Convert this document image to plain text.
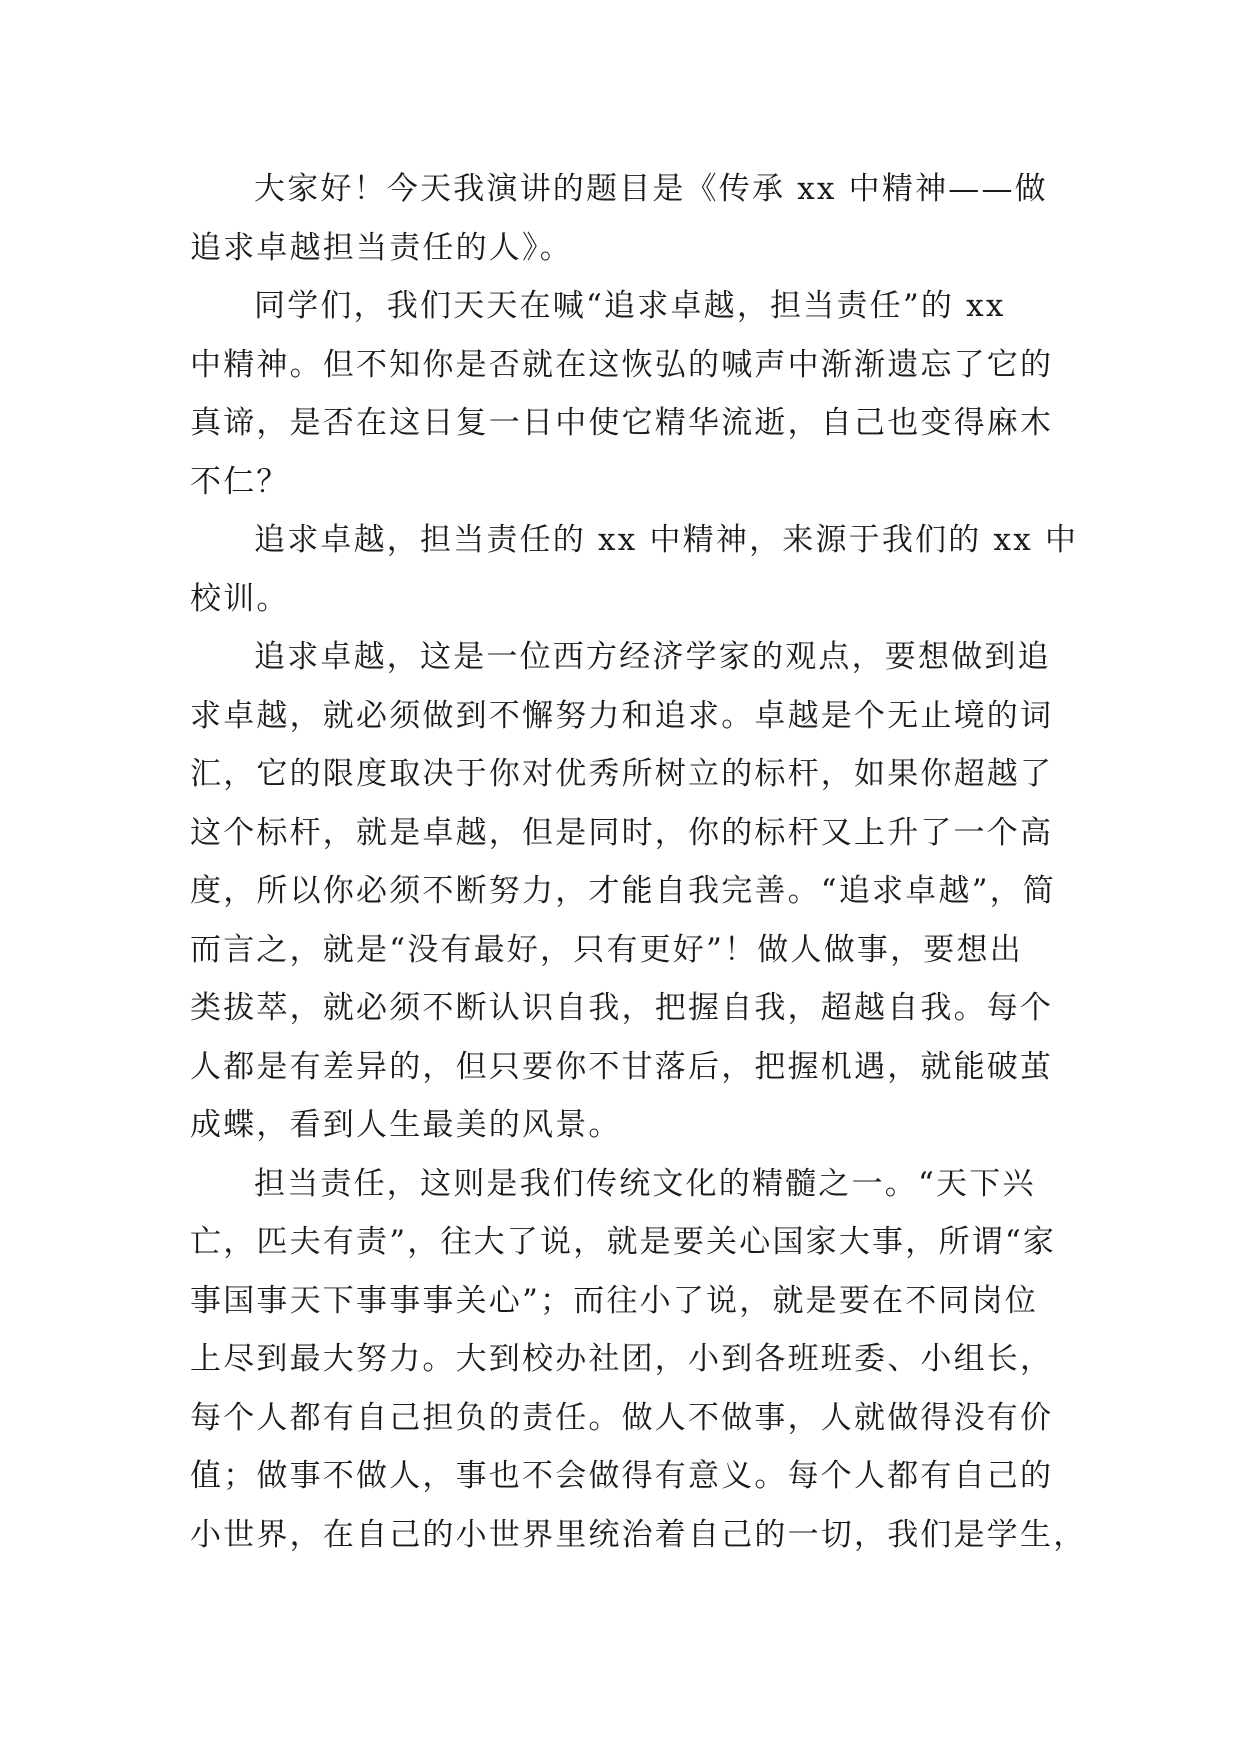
大家好！今天我演讲的题目是《传承 xx 中精神——做
追求卓越担当责任的人》。
同学们，我们天天在喊“追求卓越，担当责任”的 xx
中精神。但不知你是否就在这恢弘的喊声中渐渐遗忘了它的
真谛，是否在这日复一日中使它精华流逝，自己也变得麻木
不仁？
追求卓越，担当责任的 xx 中精神，来源于我们的 xx 中
校训。
追求卓越，这是一位西方经济学家的观点，要想做到追
求卓越，就必须做到不懈努力和追求。卓越是个无止境的词
汇，它的限度取决于你对优秀所树立的标杆，如果你超越了
这个标杆，就是卓越，但是同时，你的标杆又上升了一个高
度，所以你必须不断努力，才能自我完善。“追求卓越”，简
而言之，就是“没有最好，只有更好”！做人做事，要想出
类拔萃，就必须不断认识自我，把握自我，超越自我。每个
人都是有差异的，但只要你不甘落后，把握机遇，就能破茧
成蝶，看到人生最美的风景。
担当责任，这则是我们传统文化的精髓之一。“天下兴
亡，匹夫有责”，往大了说，就是要关心国家大事，所谓“家
事国事天下事事事关心”；而往小了说，就是要在不同岗位
上尽到最大努力。大到校办社团，小到各班班委、小组长，
每个人都有自己担负的责任。做人不做事，人就做得没有价
值；做事不做人，事也不会做得有意义。每个人都有自己的
小世界，在自己的小世界里统治着自己的一切，我们是学生，
